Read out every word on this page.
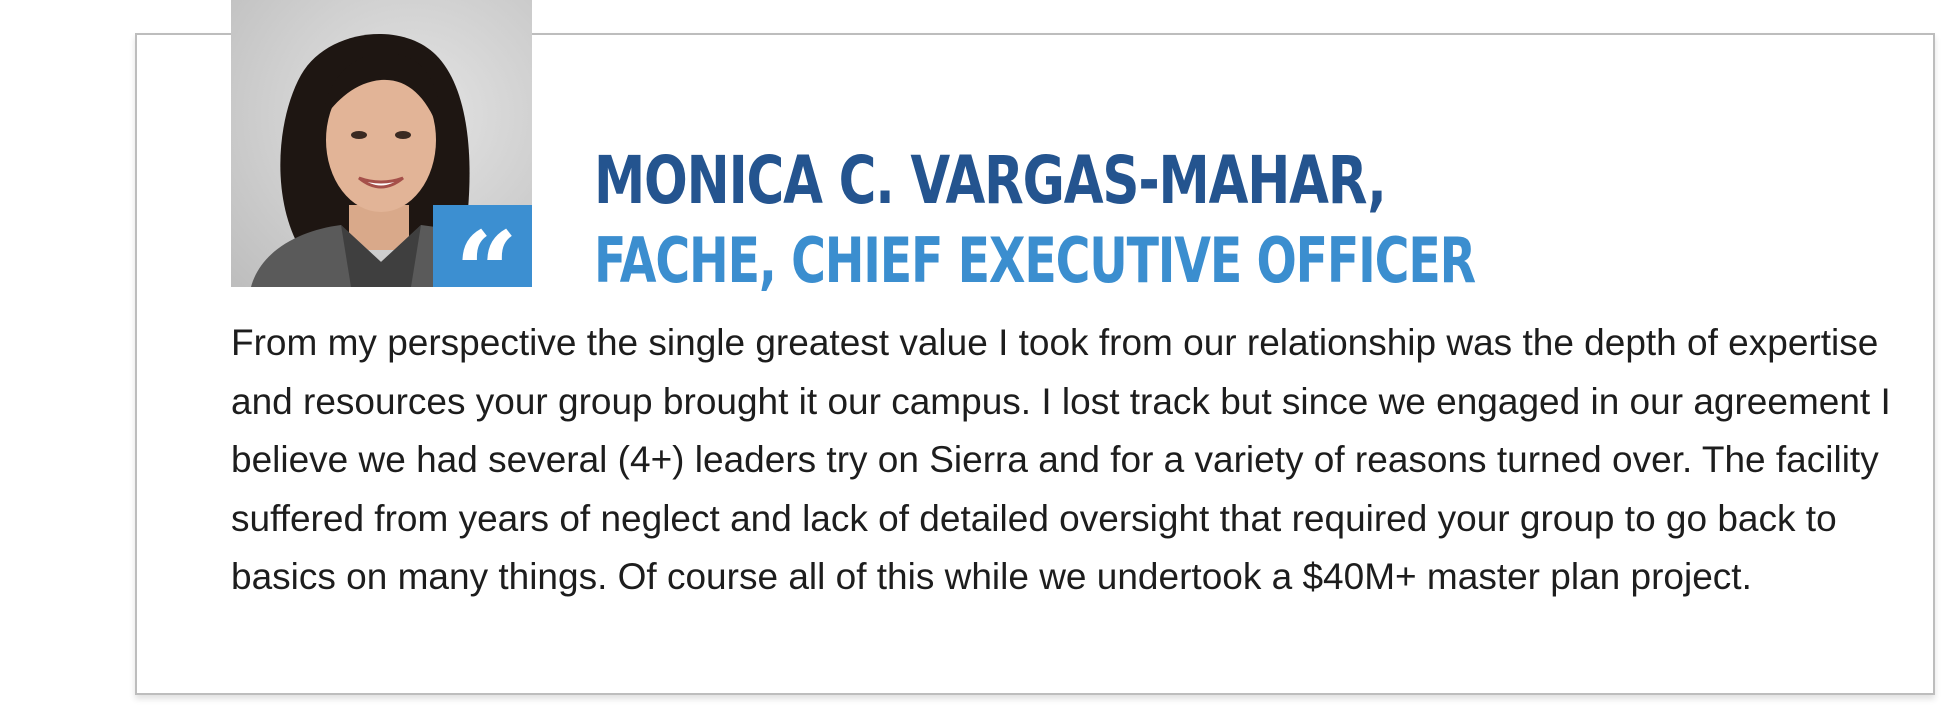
“
MONICA C. VARGAS-MAHAR,
FACHE, CHIEF EXECUTIVE OFFICER

From my perspective the single greatest value I took from our relationship was the depth of expertise and resources your group brought it our campus. I lost track but since we engaged in our agreement I believe we had several (4+) leaders try on Sierra and for a variety of reasons turned over. The facility suffered from years of neglect and lack of detailed oversight that required your group to go back to basics on many things. Of course all of this while we undertook a $40M+ master plan project.
